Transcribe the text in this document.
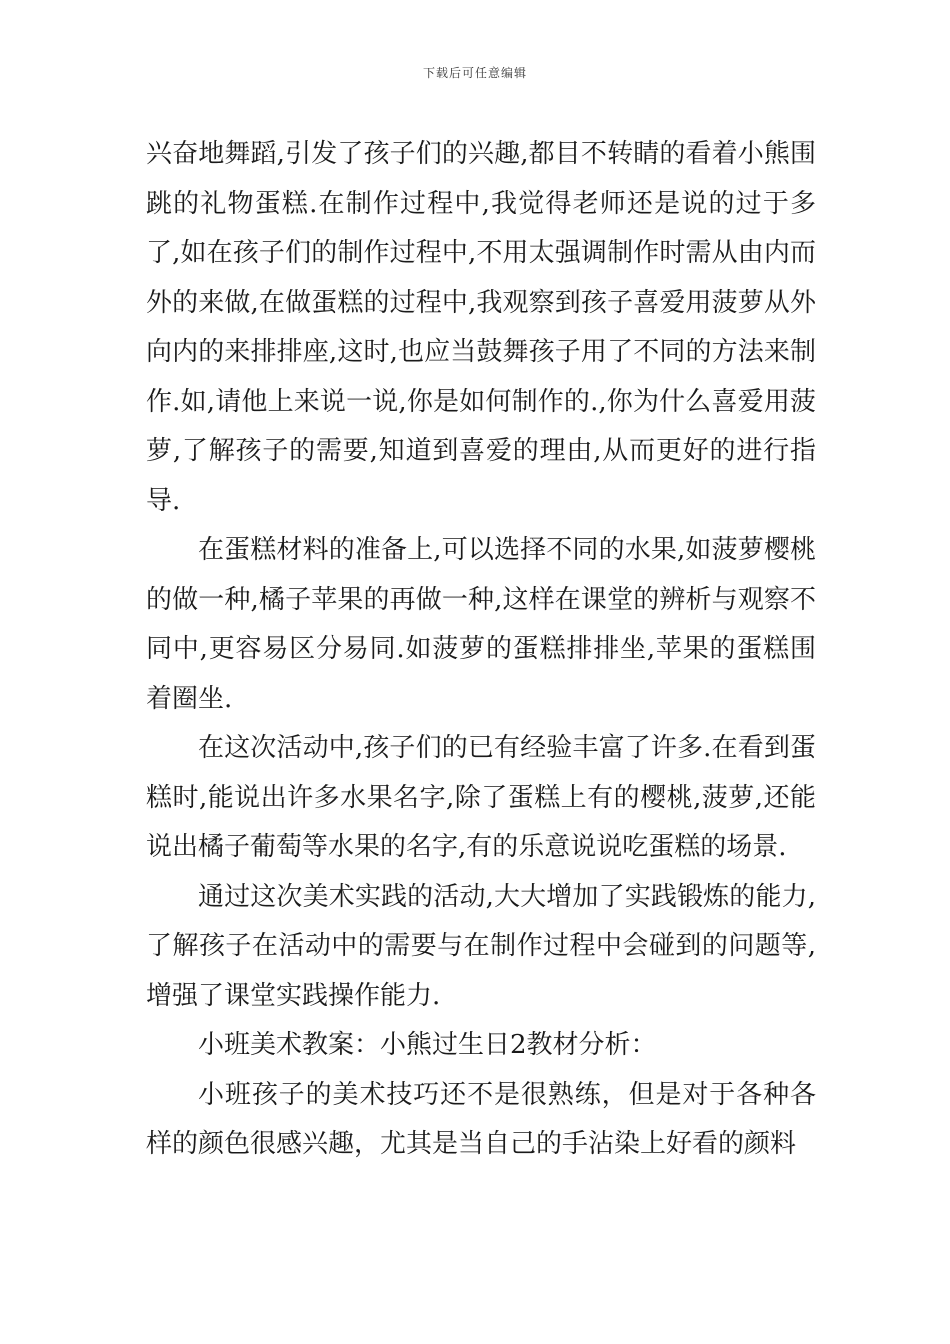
下载后可任意编辑

兴奋地舞蹈,引发了孩子们的兴趣,都目不转睛的看着小熊围跳的礼物蛋糕.在制作过程中,我觉得老师还是说的过于多了,如在孩子们的制作过程中,不用太强调制作时需从由内而外的来做,在做蛋糕的过程中,我观察到孩子喜爱用菠萝从外向内的来排排座,这时,也应当鼓舞孩子用了不同的方法来制作.如,请他上来说一说,你是如何制作的.,你为什么喜爱用菠萝,了解孩子的需要,知道到喜爱的理由,从而更好的进行指导.

在蛋糕材料的准备上,可以选择不同的水果,如菠萝樱桃的做一种,橘子苹果的再做一种,这样在课堂的辨析与观察不同中,更容易区分易同.如菠萝的蛋糕排排坐,苹果的蛋糕围着圈坐.

在这次活动中,孩子们的已有经验丰富了许多.在看到蛋糕时,能说出许多水果名字,除了蛋糕上有的樱桃,菠萝,还能说出橘子葡萄等水果的名字,有的乐意说说吃蛋糕的场景.

通过这次美术实践的活动,大大增加了实践锻炼的能力,了解孩子在活动中的需要与在制作过程中会碰到的问题等,增强了课堂实践操作能力.

小班美术教案：小熊过生日2教材分析：

小班孩子的美术技巧还不是很熟练，但是对于各种各样的颜色很感兴趣，尤其是当自己的手沾染上好看的颜料
